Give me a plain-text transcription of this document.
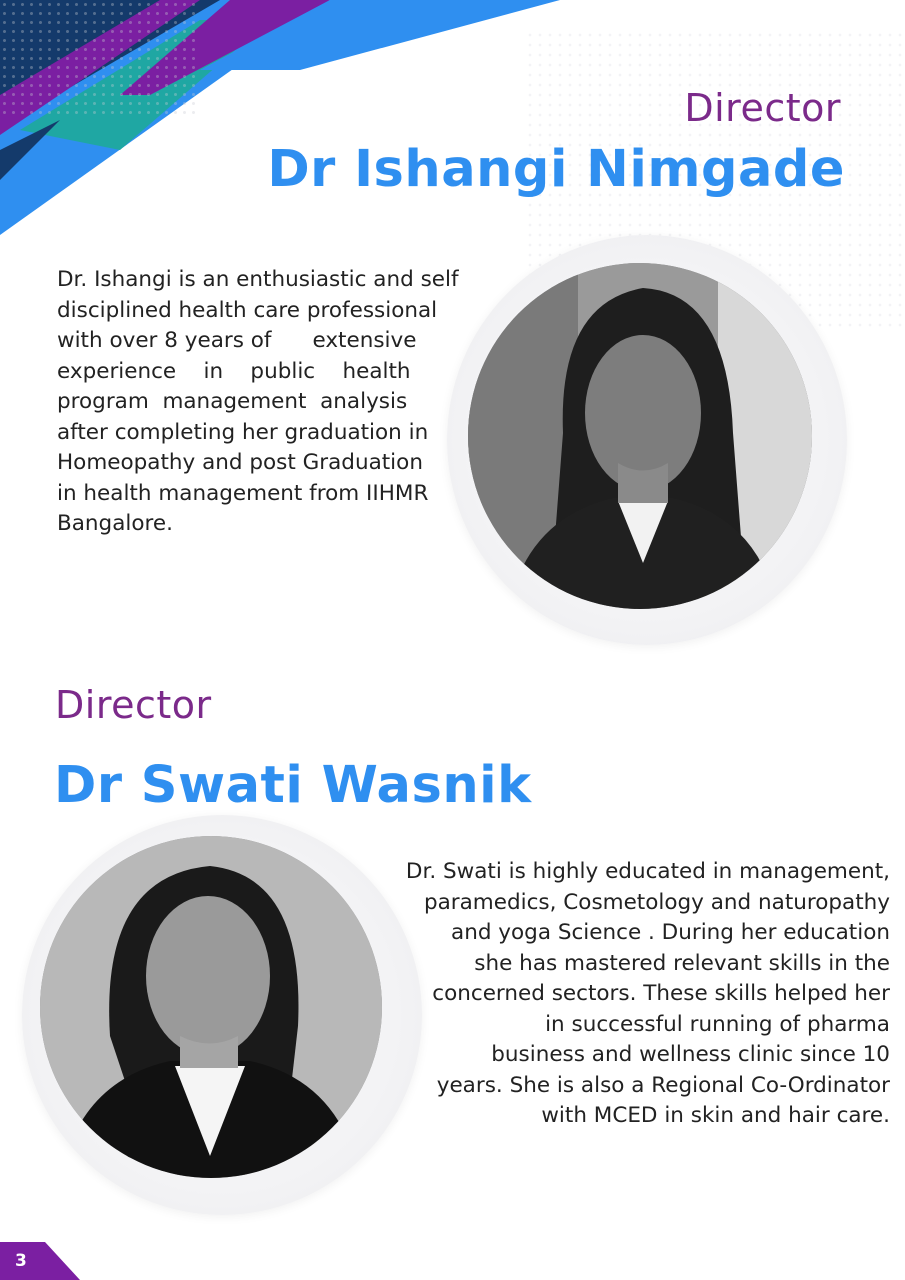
Director
Dr Ishangi Nimgade
Dr. Ishangi is an enthusiastic and self
disciplined health care professional
with over 8 years of      extensive
experience    in    public    health
program  management  analysis
after completing her graduation in
Homeopathy and post Graduation
in health management from IIHMR
Bangalore.
Director
Dr Swati Wasnik
Dr. Swati is highly educated in management,
paramedics, Cosmetology and naturopathy
and yoga Science . During her education
she has mastered relevant skills in the
concerned sectors. These skills helped her
in successful running of pharma
business and wellness clinic since 10
years. She is also a Regional Co-Ordinator
with MCED in skin and hair care.
3
